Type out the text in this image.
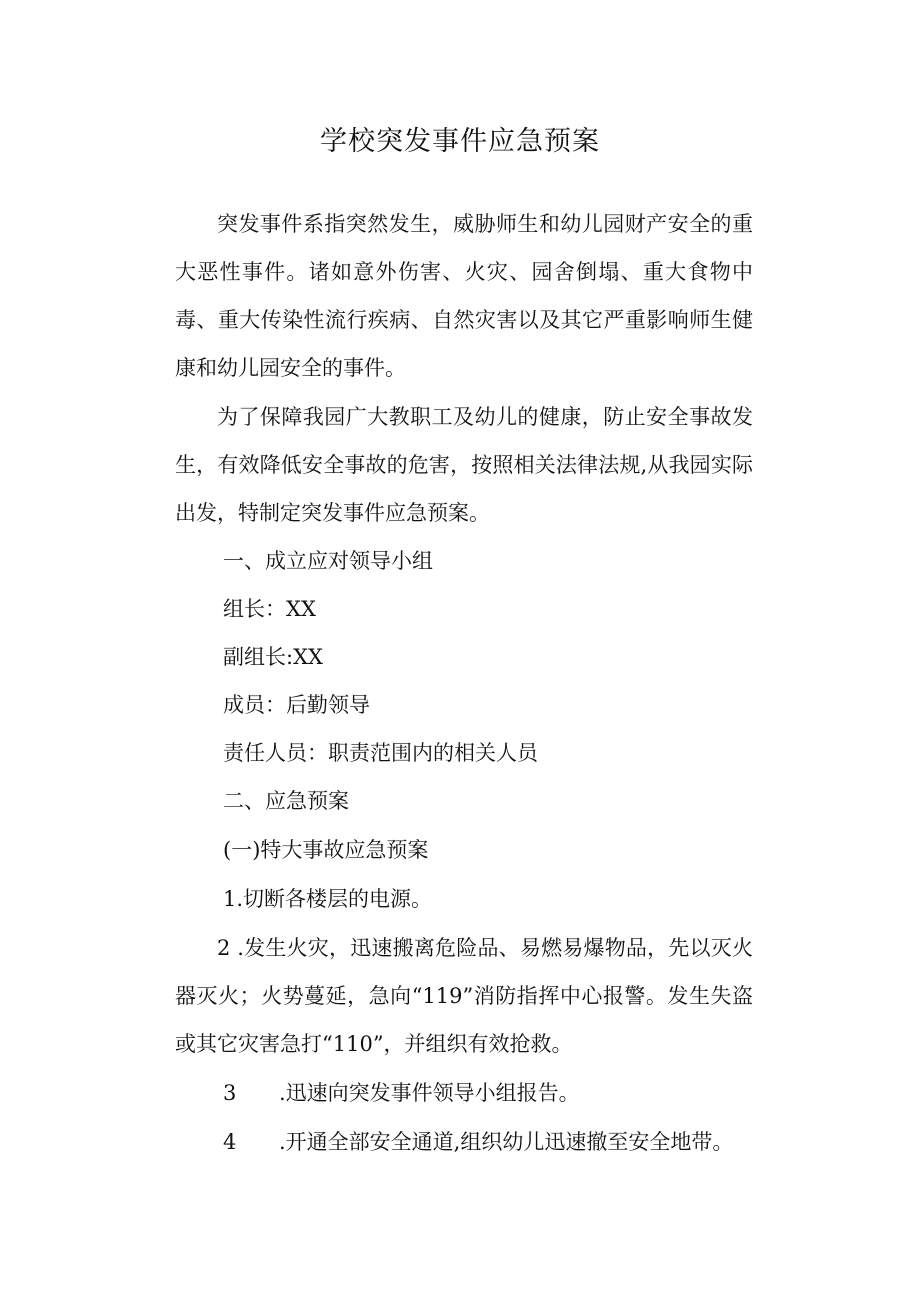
学校突发事件应急预案

突发事件系指突然发生，威胁师生和幼儿园财产安全的重大恶性事件。诸如意外伤害、火灾、园舍倒塌、重大食物中毒、重大传染性流行疾病、自然灾害以及其它严重影响师生健康和幼儿园安全的事件。

为了保障我园广大教职工及幼儿的健康，防止安全事故发生，有效降低安全事故的危害，按照相关法律法规,从我园实际出发，特制定突发事件应急预案。

一、成立应对领导小组
组长：XX
副组长:XX
成员：后勤领导
责任人员：职责范围内的相关人员
二、应急预案
(一)特大事故应急预案
1.切断各楼层的电源。

2 .发生火灾，迅速搬离危险品、易燃易爆物品，先以灭火器灭火；火势蔓延，急向“119”消防指挥中心报警。发生失盗或其它灾害急打“110”，并组织有效抢救。

3 .迅速向突发事件领导小组报告。
4 .开通全部安全通道,组织幼儿迅速撤至安全地带。
